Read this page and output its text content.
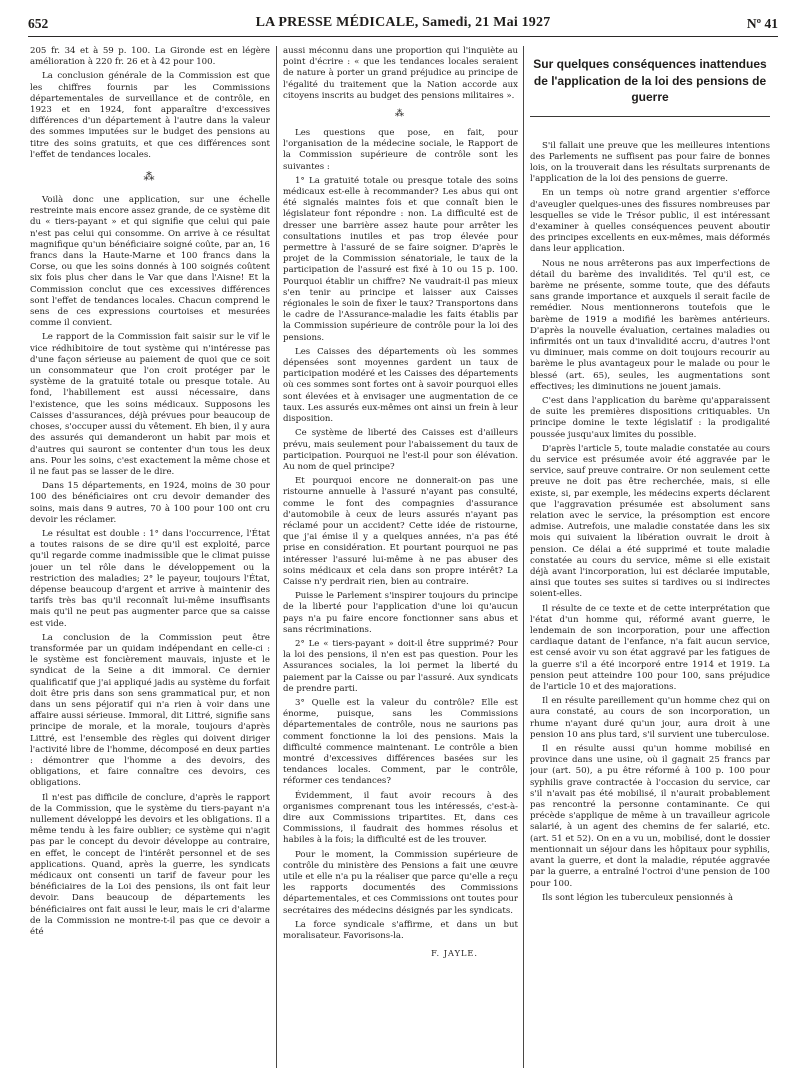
652	LA PRESSE MÉDICALE, Samedi, 21 Mai 1927	Nº 41

205 fr. 34 et à 59 p. 100. La Gironde est en légère amélioration à 220 fr. 26 et à 42 pour 100.

La conclusion générale de la Commission est que les chiffres fournis par les Commissions départementales de surveillance et de contrôle, en 1923 et en 1924, font apparaître d'excessives différences d'un département à l'autre dans la valeur des sommes imputées sur le budget des pensions au titre des soins gratuits, et que ces différences sont l'effet de tendances locales.

⁂

Voilà donc une application, sur une échelle restreinte mais encore assez grande, de ce système dit du « tiers-payant » et qui signifie que celui qui paie n'est pas celui qui consomme. On arrive à ce résultat magnifique qu'un bénéficiaire soigné coûte, par an, 16 francs dans la Haute-Marne et 100 francs dans la Corse, ou que les soins donnés à 100 soignés coûtent six fois plus cher dans le Var que dans l'Aisne! Et la Commission conclut que ces excessives différences sont l'effet de tendances locales. Chacun comprend le sens de ces expressions courtoises et mesurées comme il convient.

Le rapport de la Commission fait saisir sur le vif le vice rédhibitoire de tout système qui n'intéresse pas d'une façon sérieuse au paiement de quoi que ce soit un consommateur que l'on croit protéger par le système de la gratuité totale ou presque totale. Au fond, l'habillement est aussi nécessaire, dans l'existence, que les soins médicaux. Supposons les Caisses d'assurances, déjà prévues pour beaucoup de choses, s'occuper aussi du vêtement. Eh bien, il y aura des assurés qui demanderont un habit par mois et d'autres qui sauront se contenter d'un tous les deux ans. Pour les soins, c'est exactement la même chose et il ne faut pas se lasser de le dire.

Dans 15 départements, en 1924, moins de 30 pour 100 des bénéficiaires ont cru devoir demander des soins, mais dans 9 autres, 70 à 100 pour 100 ont cru devoir les réclamer.

Le résultat est double : 1° dans l'occurrence, l'État a toutes raisons de se dire qu'il est exploité, parce qu'il regarde comme inadmissible que le climat puisse jouer un tel rôle dans le développement ou la restriction des maladies; 2° le payeur, toujours l'État, dépense beaucoup d'argent et arrive à maintenir des tarifs très bas qu'il reconnaît lui-même insuffisants mais qu'il ne peut pas augmenter parce que sa caisse est vide.

La conclusion de la Commission peut être transformée par un quidam indépendant en celle-ci : le système est foncièrement mauvais, injuste et le syndicat de la Seine a dit immoral. Ce dernier qualificatif que j'ai appliqué jadis au système du forfait doit être pris dans son sens grammatical pur, et non dans un sens péjoratif qui n'a rien à voir dans une affaire aussi sérieuse. Immoral, dit Littré, signifie sans principe de morale, et la morale, toujours d'après Littré, est l'ensemble des règles qui doivent diriger l'activité libre de l'homme, décomposé en deux parties : démontrer que l'homme a des devoirs, des obligations, et faire connaître ces devoirs, ces obligations.

Il n'est pas difficile de conclure, d'après le rapport de la Commission, que le système du tiers-payant n'a nullement développé les devoirs et les obligations. Il a même tendu à les faire oublier; ce système qui n'agit pas par le concept du devoir développe au contraire, en effet, le concept de l'intérêt personnel et de ses applications. Quand, après la guerre, les syndicats médicaux ont consenti un tarif de faveur pour les bénéficiaires de la Loi des pensions, ils ont fait leur devoir. Dans beaucoup de départements les bénéficiaires ont fait aussi le leur, mais le cri d'alarme de la Commission ne montre-t-il pas que ce devoir a été

aussi méconnu dans une proportion qui l'inquiète au point d'écrire : « que les tendances locales seraient de nature à porter un grand préjudice au principe de l'égalité du traitement que la Nation accorde aux citoyens inscrits au budget des pensions militaires ».

⁂

Les questions que pose, en fait, pour l'organisation de la médecine sociale, le Rapport de la Commission supérieure de contrôle sont les suivantes :

1° La gratuité totale ou presque totale des soins médicaux est-elle à recommander? Les abus qui ont été signalés maintes fois et que connaît bien le législateur font répondre : non. La difficulté est de dresser une barrière assez haute pour arrêter les consultations inutiles et pas trop élevée pour permettre à l'assuré de se faire soigner. D'après le projet de la Commission sénatoriale, le taux de la participation de l'assuré est fixé à 10 ou 15 p. 100. Pourquoi établir un chiffre? Ne vaudrait-il pas mieux s'en tenir au principe et laisser aux Caisses régionales le soin de fixer le taux? Transportons dans le cadre de l'Assurance-maladie les faits établis par la Commission supérieure de contrôle pour la loi des pensions.

Les Caisses des départements où les sommes dépensées sont moyennes gardent un taux de participation modéré et les Caisses des départements où ces sommes sont fortes ont à savoir pourquoi elles sont élevées et à envisager une augmentation de ce taux. Les assurés eux-mêmes ont ainsi un frein à leur disposition.

Ce système de liberté des Caisses est d'ailleurs prévu, mais seulement pour l'abaissement du taux de participation. Pourquoi ne l'est-il pour son élévation. Au nom de quel principe?

Et pourquoi encore ne donnerait-on pas une ristourne annuelle à l'assuré n'ayant pas consulté, comme le font des compagnies d'assurance d'automobile à ceux de leurs assurés n'ayant pas réclamé pour un accident? Cette idée de ristourne, que j'ai émise il y a quelques années, n'a pas été prise en considération. Et pourtant pourquoi ne pas intéresser l'assuré lui-même à ne pas abuser des soins médicaux et cela dans son propre intérêt? La Caisse n'y perdrait rien, bien au contraire.

Puisse le Parlement s'inspirer toujours du principe de la liberté pour l'application d'une loi qu'aucun pays n'a pu faire encore fonctionner sans abus et sans récriminations.

2° Le « tiers-payant » doit-il être supprimé? Pour la loi des pensions, il n'en est pas question. Pour les Assurances sociales, la loi permet la liberté du paiement par la Caisse ou par l'assuré. Aux syndicats de prendre parti.

3° Quelle est la valeur du contrôle? Elle est énorme, puisque, sans les Commissions départementales de contrôle, nous ne saurions pas comment fonctionne la loi des pensions. Mais la difficulté commence maintenant. Le contrôle a bien montré d'excessives différences basées sur les tendances locales. Comment, par le contrôle, réformer ces tendances?

Évidemment, il faut avoir recours à des organismes comprenant tous les intéressés, c'est-à-dire aux Commissions tripartites. Et, dans ces Commissions, il faudrait des hommes résolus et habiles à la fois; la difficulté est de les trouver.

Pour le moment, la Commission supérieure de contrôle du ministère des Pensions a fait une œuvre utile et elle n'a pu la réaliser que parce qu'elle a reçu les rapports documentés des Commissions départementales, et ces Commissions ont toutes pour secrétaires des médecins désignés par les syndicats.

La force syndicale s'affirme, et dans un but moralisateur. Favorisons-la.

F. JAYLE.
Sur quelques conséquences inattendues de l'application de la loi des pensions de guerre

S'il fallait une preuve que les meilleures intentions des Parlements ne suffisent pas pour faire de bonnes lois, on la trouverait dans les résultats surprenants de l'application de la loi des pensions de guerre.

En un temps où notre grand argentier s'efforce d'aveugler quelques-unes des fissures nombreuses par lesquelles se vide le Trésor public, il est intéressant d'examiner à quelles conséquences peuvent aboutir des principes excellents en eux-mêmes, mais déformés dans leur application.

Nous ne nous arrêterons pas aux imperfections de détail du barème des invalidités. Tel qu'il est, ce barème ne présente, somme toute, que des défauts sans grande importance et auxquels il serait facile de remédier. Nous mentionnerons toutefois que le barème de 1919 a modifié les barèmes antérieurs. D'après la nouvelle évaluation, certaines maladies ou infirmités ont un taux d'invalidité accru, d'autres l'ont vu diminuer, mais comme on doit toujours recourir au barème le plus avantageux pour le malade ou pour le blessé (art. 65), seules, les augmentations sont effectives; les diminutions ne jouent jamais.

C'est dans l'application du barème qu'apparaissent de suite les premières dispositions critiquables. Un principe domine le texte législatif : la prodigalité poussée jusqu'aux limites du possible.

D'après l'article 5, toute maladie constatée au cours du service est présumée avoir été aggravée par le service, sauf preuve contraire. Or non seulement cette preuve ne doit pas être recherchée, mais, si elle existe, si, par exemple, les médecins experts déclarent que l'aggravation présumée est absolument sans relation avec le service, la présomption est encore admise. Autrefois, une maladie constatée dans les six mois qui suivaient la libération ouvrait le droit à pension. Ce délai a été supprimé et toute maladie constatée au cours du service, même si elle existait déjà avant l'incorporation, lui est déclarée imputable, ainsi que toutes ses suites si tardives ou si indirectes soient-elles.

Il résulte de ce texte et de cette interprétation que l'état d'un homme qui, réformé avant guerre, le lendemain de son incorporation, pour une affection cardiaque datant de l'enfance, n'a fait aucun service, est censé avoir vu son état aggravé par les fatigues de la guerre s'il a été incorporé entre 1914 et 1919. La pension peut atteindre 100 pour 100, sans préjudice de l'article 10 et des majorations.

Il en résulte pareillement qu'un homme chez qui on aura constaté, au cours de son incorporation, un rhume n'ayant duré qu'un jour, aura droit à une pension 10 ans plus tard, s'il survient une tuberculose.

Il en résulte aussi qu'un homme mobilisé en province dans une usine, où il gagnait 25 francs par jour (art. 50), a pu être réformé à 100 p. 100 pour syphilis grave contractée à l'occasion du service, car s'il n'avait pas été mobilisé, il n'aurait probablement pas rencontré la personne contaminante. Ce qui précède s'applique de même à un travailleur agricole salarié, à un agent des chemins de fer salarié, etc. (art. 51 et 52). On en a vu un, mobilisé, dont le dossier mentionnait un séjour dans les hôpitaux pour syphilis, avant la guerre, et dont la maladie, réputée aggravée par la guerre, a entraîné l'octroi d'une pension de 100 pour 100.

Ils sont légion les tuberculeux pensionnés à
